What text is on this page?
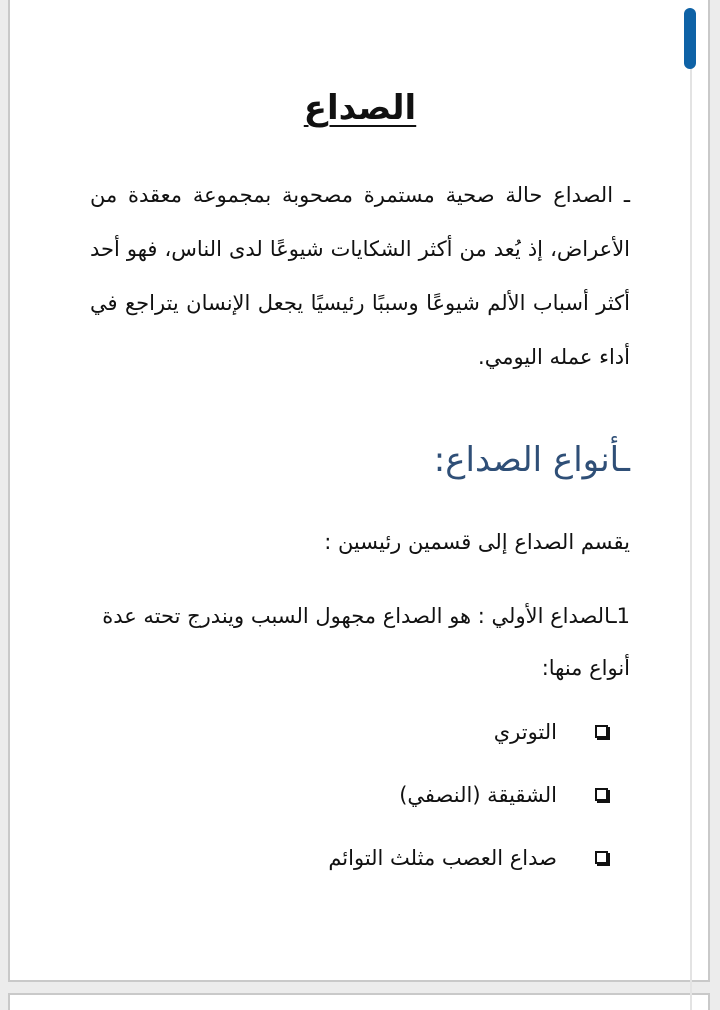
الصداع

ـ الصداع حالة صحية مستمرة مصحوبة بمجموعة معقدة من الأعراض، إذ يُعد من أكثر الشكايات شيوعًا لدى الناس، فهو أحد أكثر أسباب الألم شيوعًا وسببًا رئيسيًا يجعل الإنسان يتراجع في أداء عمله اليومي.

ـأنواع الصداع:

يقسم الصداع إلى قسمين رئيسين :

1ـالصداع الأولي : هو الصداع مجهول السبب ويندرج تحته عدة أنواع منها:

التوتري
الشقيقة (النصفي)
صداع العصب مثلث التوائم
